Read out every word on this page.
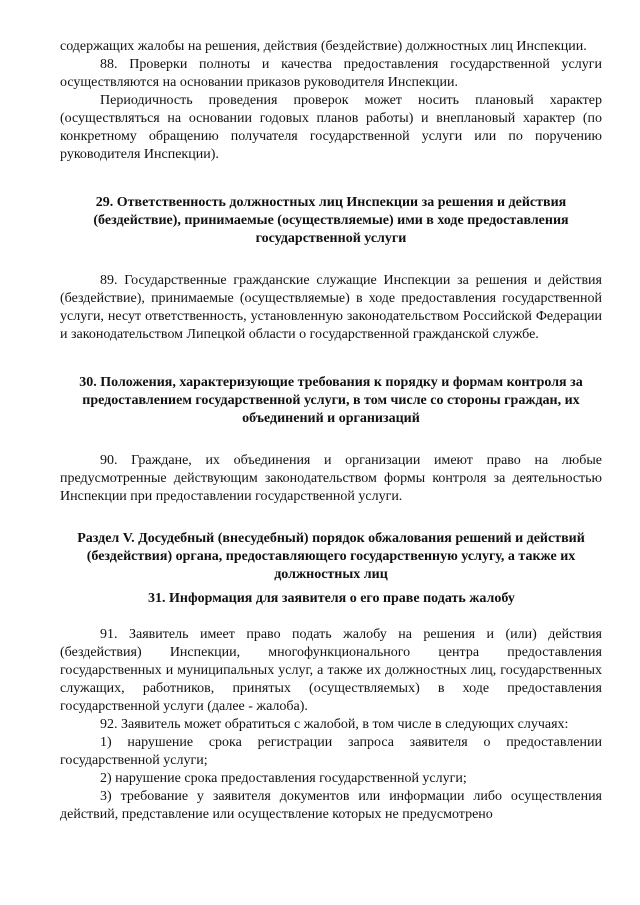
содержащих жалобы на решения, действия (бездействие) должностных лиц Инспекции.

88. Проверки полноты и качества предоставления государственной услуги осуществляются на основании приказов руководителя Инспекции.

Периодичность проведения проверок может носить плановый характер (осуществляться на основании годовых планов работы) и внеплановый характер (по конкретному обращению получателя государственной услуги или по поручению руководителя Инспекции).

29. Ответственность должностных лиц Инспекции за решения и действия (бездействие), принимаемые (осуществляемые) ими в ходе предоставления государственной услуги

89. Государственные гражданские служащие Инспекции за решения и действия (бездействие), принимаемые (осуществляемые) в ходе предоставления государственной услуги, несут ответственность, установленную законодательством Российской Федерации и законодательством Липецкой области о государственной гражданской службе.

30. Положения, характеризующие требования к порядку и формам контроля за предоставлением государственной услуги, в том числе со стороны граждан, их объединений и организаций

90. Граждане, их объединения и организации имеют право на любые предусмотренные действующим законодательством формы контроля за деятельностью Инспекции при предоставлении государственной услуги.

Раздел V. Досудебный (внесудебный) порядок обжалования решений и действий (бездействия) органа, предоставляющего государственную услугу, а также их должностных лиц

31. Информация для заявителя о его праве подать жалобу

91. Заявитель имеет право подать жалобу на решения и (или) действия (бездействия) Инспекции, многофункционального центра предоставления государственных и муниципальных услуг, а также их должностных лиц, государственных служащих, работников, принятых (осуществляемых) в ходе предоставления государственной услуги (далее - жалоба).

92. Заявитель может обратиться с жалобой, в том числе в следующих случаях:

1) нарушение срока регистрации запроса заявителя о предоставлении государственной услуги;

2) нарушение срока предоставления государственной услуги;

3) требование у заявителя документов или информации либо осуществления действий, представление или осуществление которых не предусмотрено
